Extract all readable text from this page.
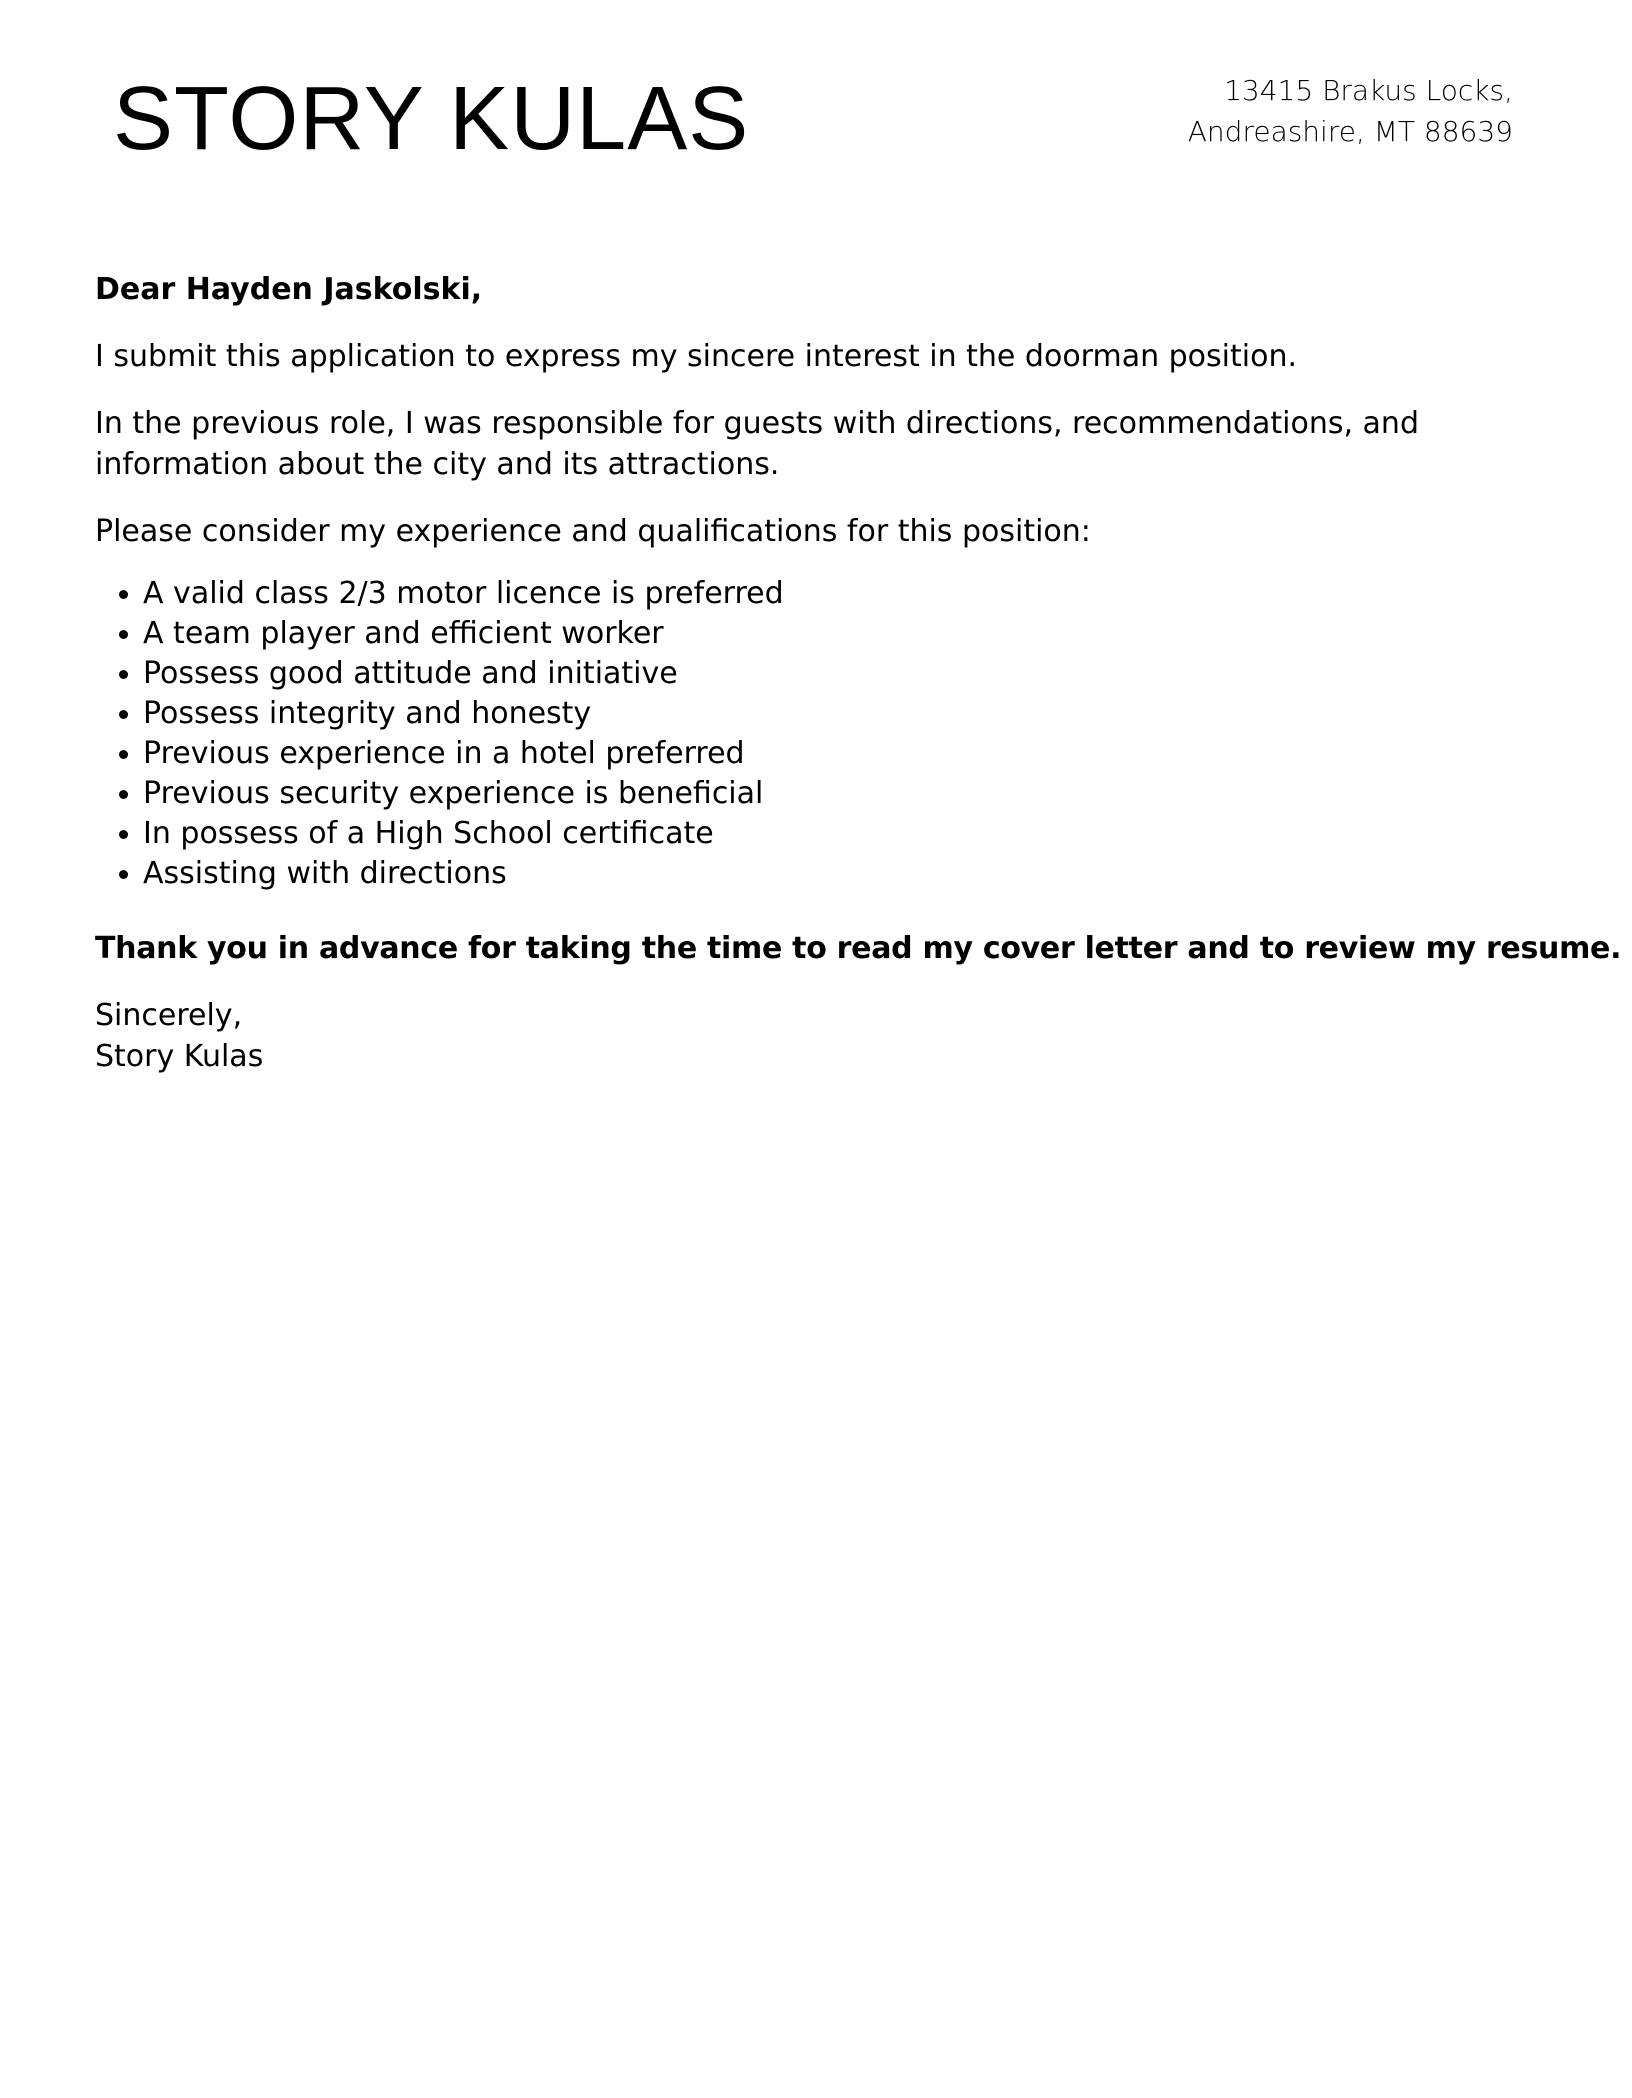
STORY KULAS	13415 Brakus Locks,
Andreashire, MT 88639

Dear Hayden Jaskolski,

I submit this application to express my sincere interest in the doorman position.

In the previous role, I was responsible for guests with directions, recommendations, and information about the city and its attractions.

Please consider my experience and qualifications for this position:

A valid class 2/3 motor licence is preferred
A team player and efficient worker
Possess good attitude and initiative
Possess integrity and honesty
Previous experience in a hotel preferred
Previous security experience is beneficial
In possess of a High School certificate
Assisting with directions

Thank you in advance for taking the time to read my cover letter and to review my resume.

Sincerely,
Story Kulas
